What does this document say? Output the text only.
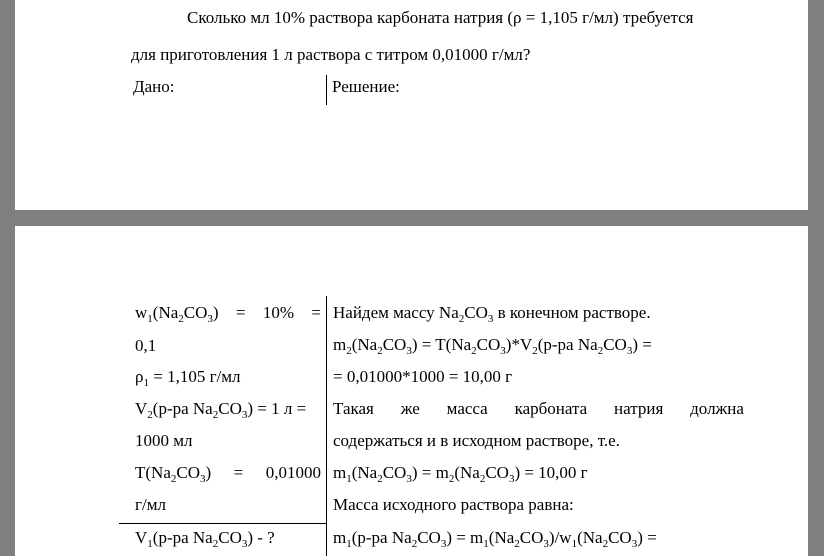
Сколько мл 10% раствора карбоната натрия (ρ = 1,105 г/мл) требуется
для приготовления 1 л раствора с титром 0,01000 г/мл?
Дано:	Решение:
$w_1(Na_2CO_3) = 10\%$ =
0,1
$\rho_1 = 1,105$ г/мл
$V_2(р-ра$ $Na_2CO_3) = 1$ л =
1000 мл
$T(Na_2CO_3) = 0,01000$
г/мл
$V_1(р-ра$ $Na_2CO_3$) - ?
Найдем массу $Na_2CO_3$ в конечном растворе.
$m_2(Na_2CO_3) = T(Na_2CO_3)*V_2(р-ра$ $Na_2CO_3$) =
= 0,01000*1000 = 10,00 г
Такая же масса карбоната натрия должна
содержаться и в исходном растворе, т.е.
$m_1(Na_2CO_3) = m_2(Na_2CO_3) = 10,00$ г
Масса исходного раствора равна:
$m_1(р-ра$ $Na_2CO_3) = m_1(Na_2CO_3)/w_1(Na_2CO_3)$ =
